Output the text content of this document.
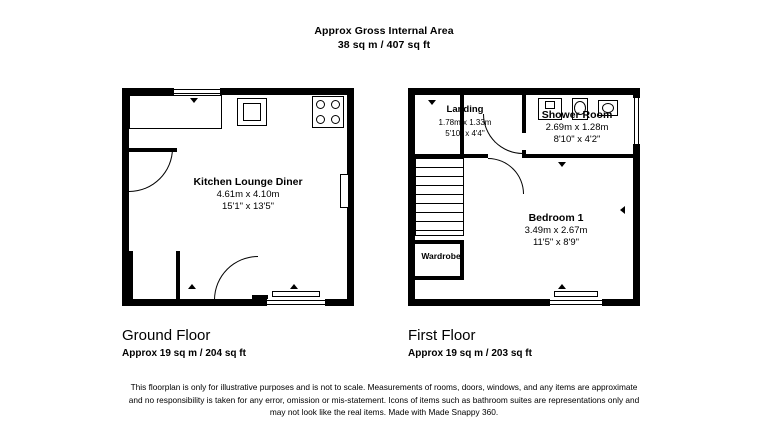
Approx Gross Internal Area
38 sq m / 407 sq ft
Kitchen Lounge Diner
4.61m x 4.10m
15'1" x 13'5"
Landing
1.78m x 1.33m
5'10" x 4'4"
Shower Room
2.69m x 1.28m
8'10" x 4'2"
Bedroom 1
3.49m x 2.67m
11'5" x 8'9"
Wardrobe
Ground Floor
Approx 19 sq m / 204 sq ft
First Floor
Approx 19 sq m / 203 sq ft
This floorplan is only for illustrative purposes and is not to scale. Measurements of rooms, doors, windows, and any items are approximate
and no responsibility is taken for any error, omission or mis-statement. Icons of items such as bathroom suites are representations only and
may not look like the real items. Made with Made Snappy 360.
